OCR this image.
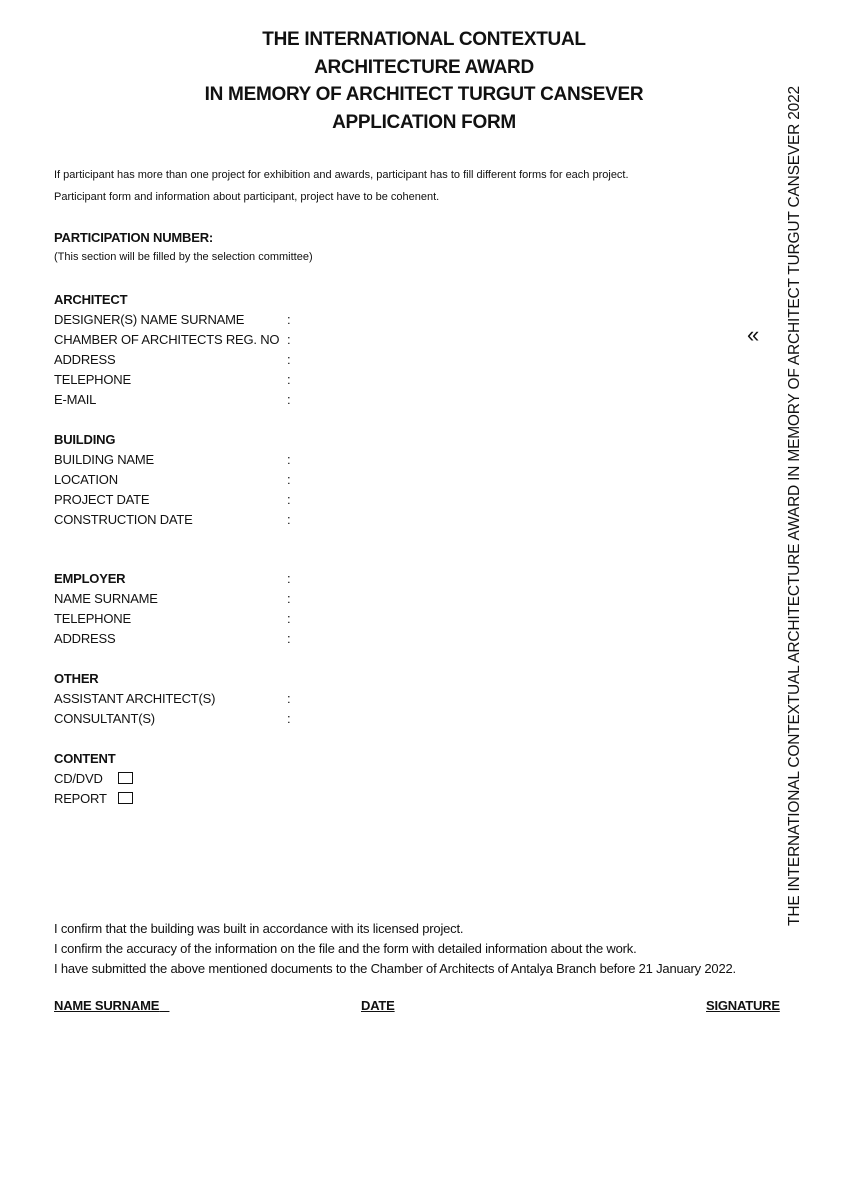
THE INTERNATIONAL CONTEXTUAL
ARCHITECTURE AWARD
IN MEMORY OF ARCHITECT TURGUT CANSEVER
APPLICATION FORM
If participant has more than one project for exhibition and awards, participant has to fill different forms for each project.
Participant form and information about participant, project have to be cohenent.
PARTICIPATION NUMBER:
(This section will be filled by the selection committee)
ARCHITECT
DESIGNER(S) NAME SURNAME	:
CHAMBER OF ARCHITECTS REG. NO :
ADDRESS	:
TELEPHONE	:
E-MAIL	:
BUILDING
BUILDING NAME	:
LOCATION	:
PROJECT DATE	:
CONSTRUCTION DATE	:
EMPLOYER	:
NAME SURNAME	:
TELEPHONE	:
ADDRESS	:
OTHER
ASSISTANT ARCHITECT(S)	:
CONSULTANT(S)	:
CONTENT
CD/DVD
REPORT
I confirm that the building was built in accordance with its licensed project.
I confirm the accuracy of the information on the file and the form with detailed information about the work.
I have submitted the above mentioned documents to the Chamber of Architects of Antalya Branch before 21 January 2022.
NAME SURNAME	DATE	SIGNATURE
« THE INTERNATIONAL CONTEXTUAL ARCHITECTURE AWARD IN MEMORY OF ARCHITECT TURGUT CANSEVER 2022
